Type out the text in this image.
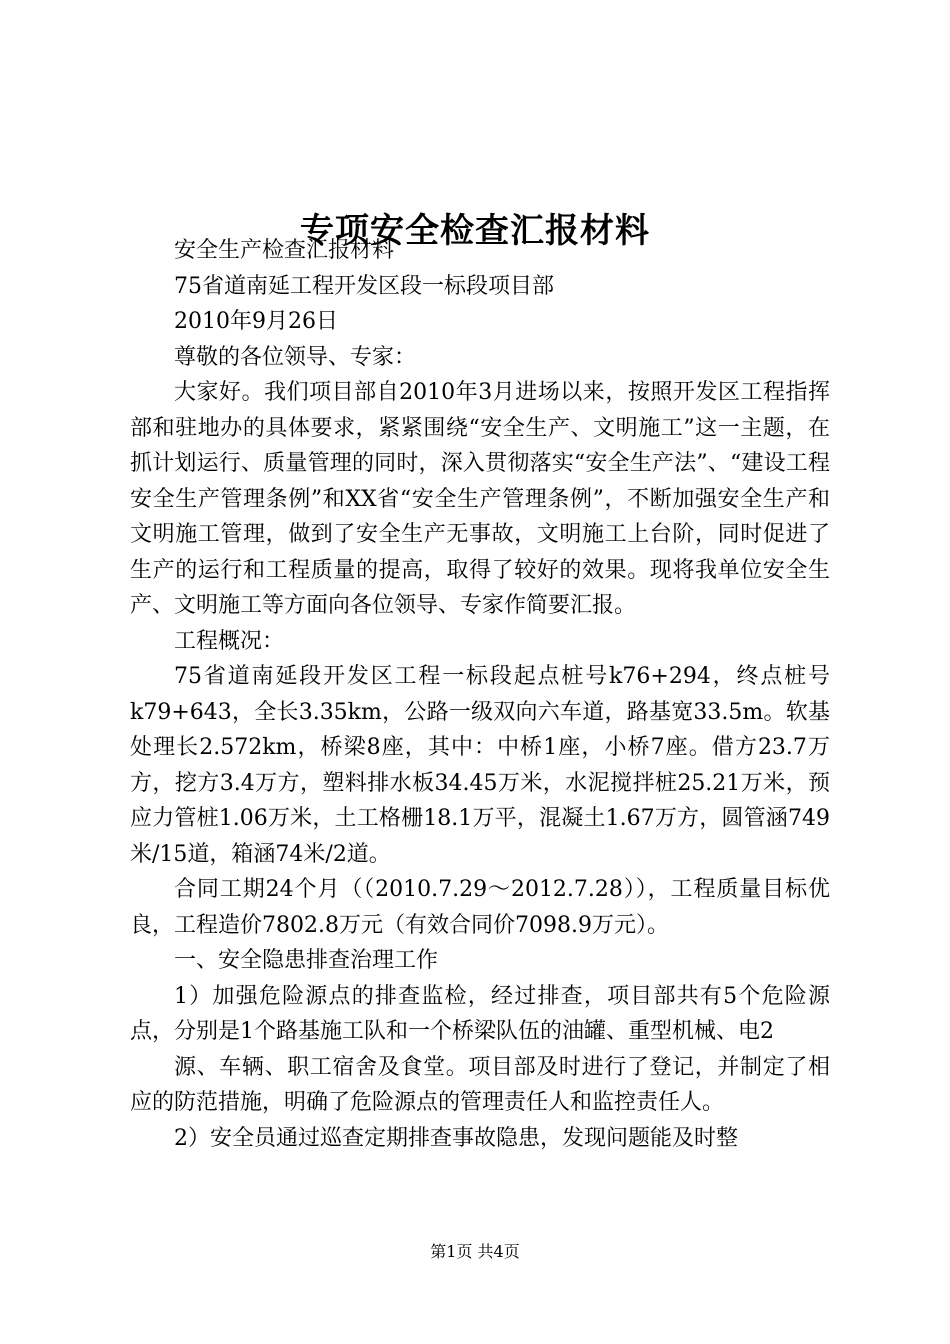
专项安全检查汇报材料

安全生产检查汇报材料

75省道南延工程开发区段一标段项目部

2010年9月26日

尊敬的各位领导、专家：

大家好。我们项目部自2010年3月进场以来，按照开发区工程指挥部和驻地办的具体要求，紧紧围绕“安全生产、文明施工”这一主题，在抓计划运行、质量管理的同时，深入贯彻落实“安全生产法”、“建设工程安全生产管理条例”和XX省“安全生产管理条例”，不断加强安全生产和文明施工管理，做到了安全生产无事故，文明施工上台阶，同时促进了生产的运行和工程质量的提高，取得了较好的效果。现将我单位安全生产、文明施工等方面向各位领导、专家作简要汇报。

工程概况：

75省道南延段开发区工程一标段起点桩号k76+294，终点桩号k79+643，全长3.35km，公路一级双向六车道，路基宽33.5m。软基处理长2.572km，桥梁8座，其中：中桥1座，小桥7座。借方23.7万方，挖方3.4万方，塑料排水板34.45万米，水泥搅拌桩25.21万米，预应力管桩1.06万米，土工格栅18.1万平，混凝土1.67万方，圆管涵749米/15道，箱涵74米/2道。

合同工期24个月（（2010.7.29～2012.7.28）），工程质量目标优良，工程造价7802.8万元（有效合同价7098.9万元）。

一、安全隐患排查治理工作

1）加强危险源点的排查监检，经过排查，项目部共有5个危险源点，分别是1个路基施工队和一个桥梁队伍的油罐、重型机械、电2

源、车辆、职工宿舍及食堂。项目部及时进行了登记，并制定了相应的防范措施，明确了危险源点的管理责任人和监控责任人。

2）安全员通过巡查定期排查事故隐患，发现问题能及时整

第1页 共4页
